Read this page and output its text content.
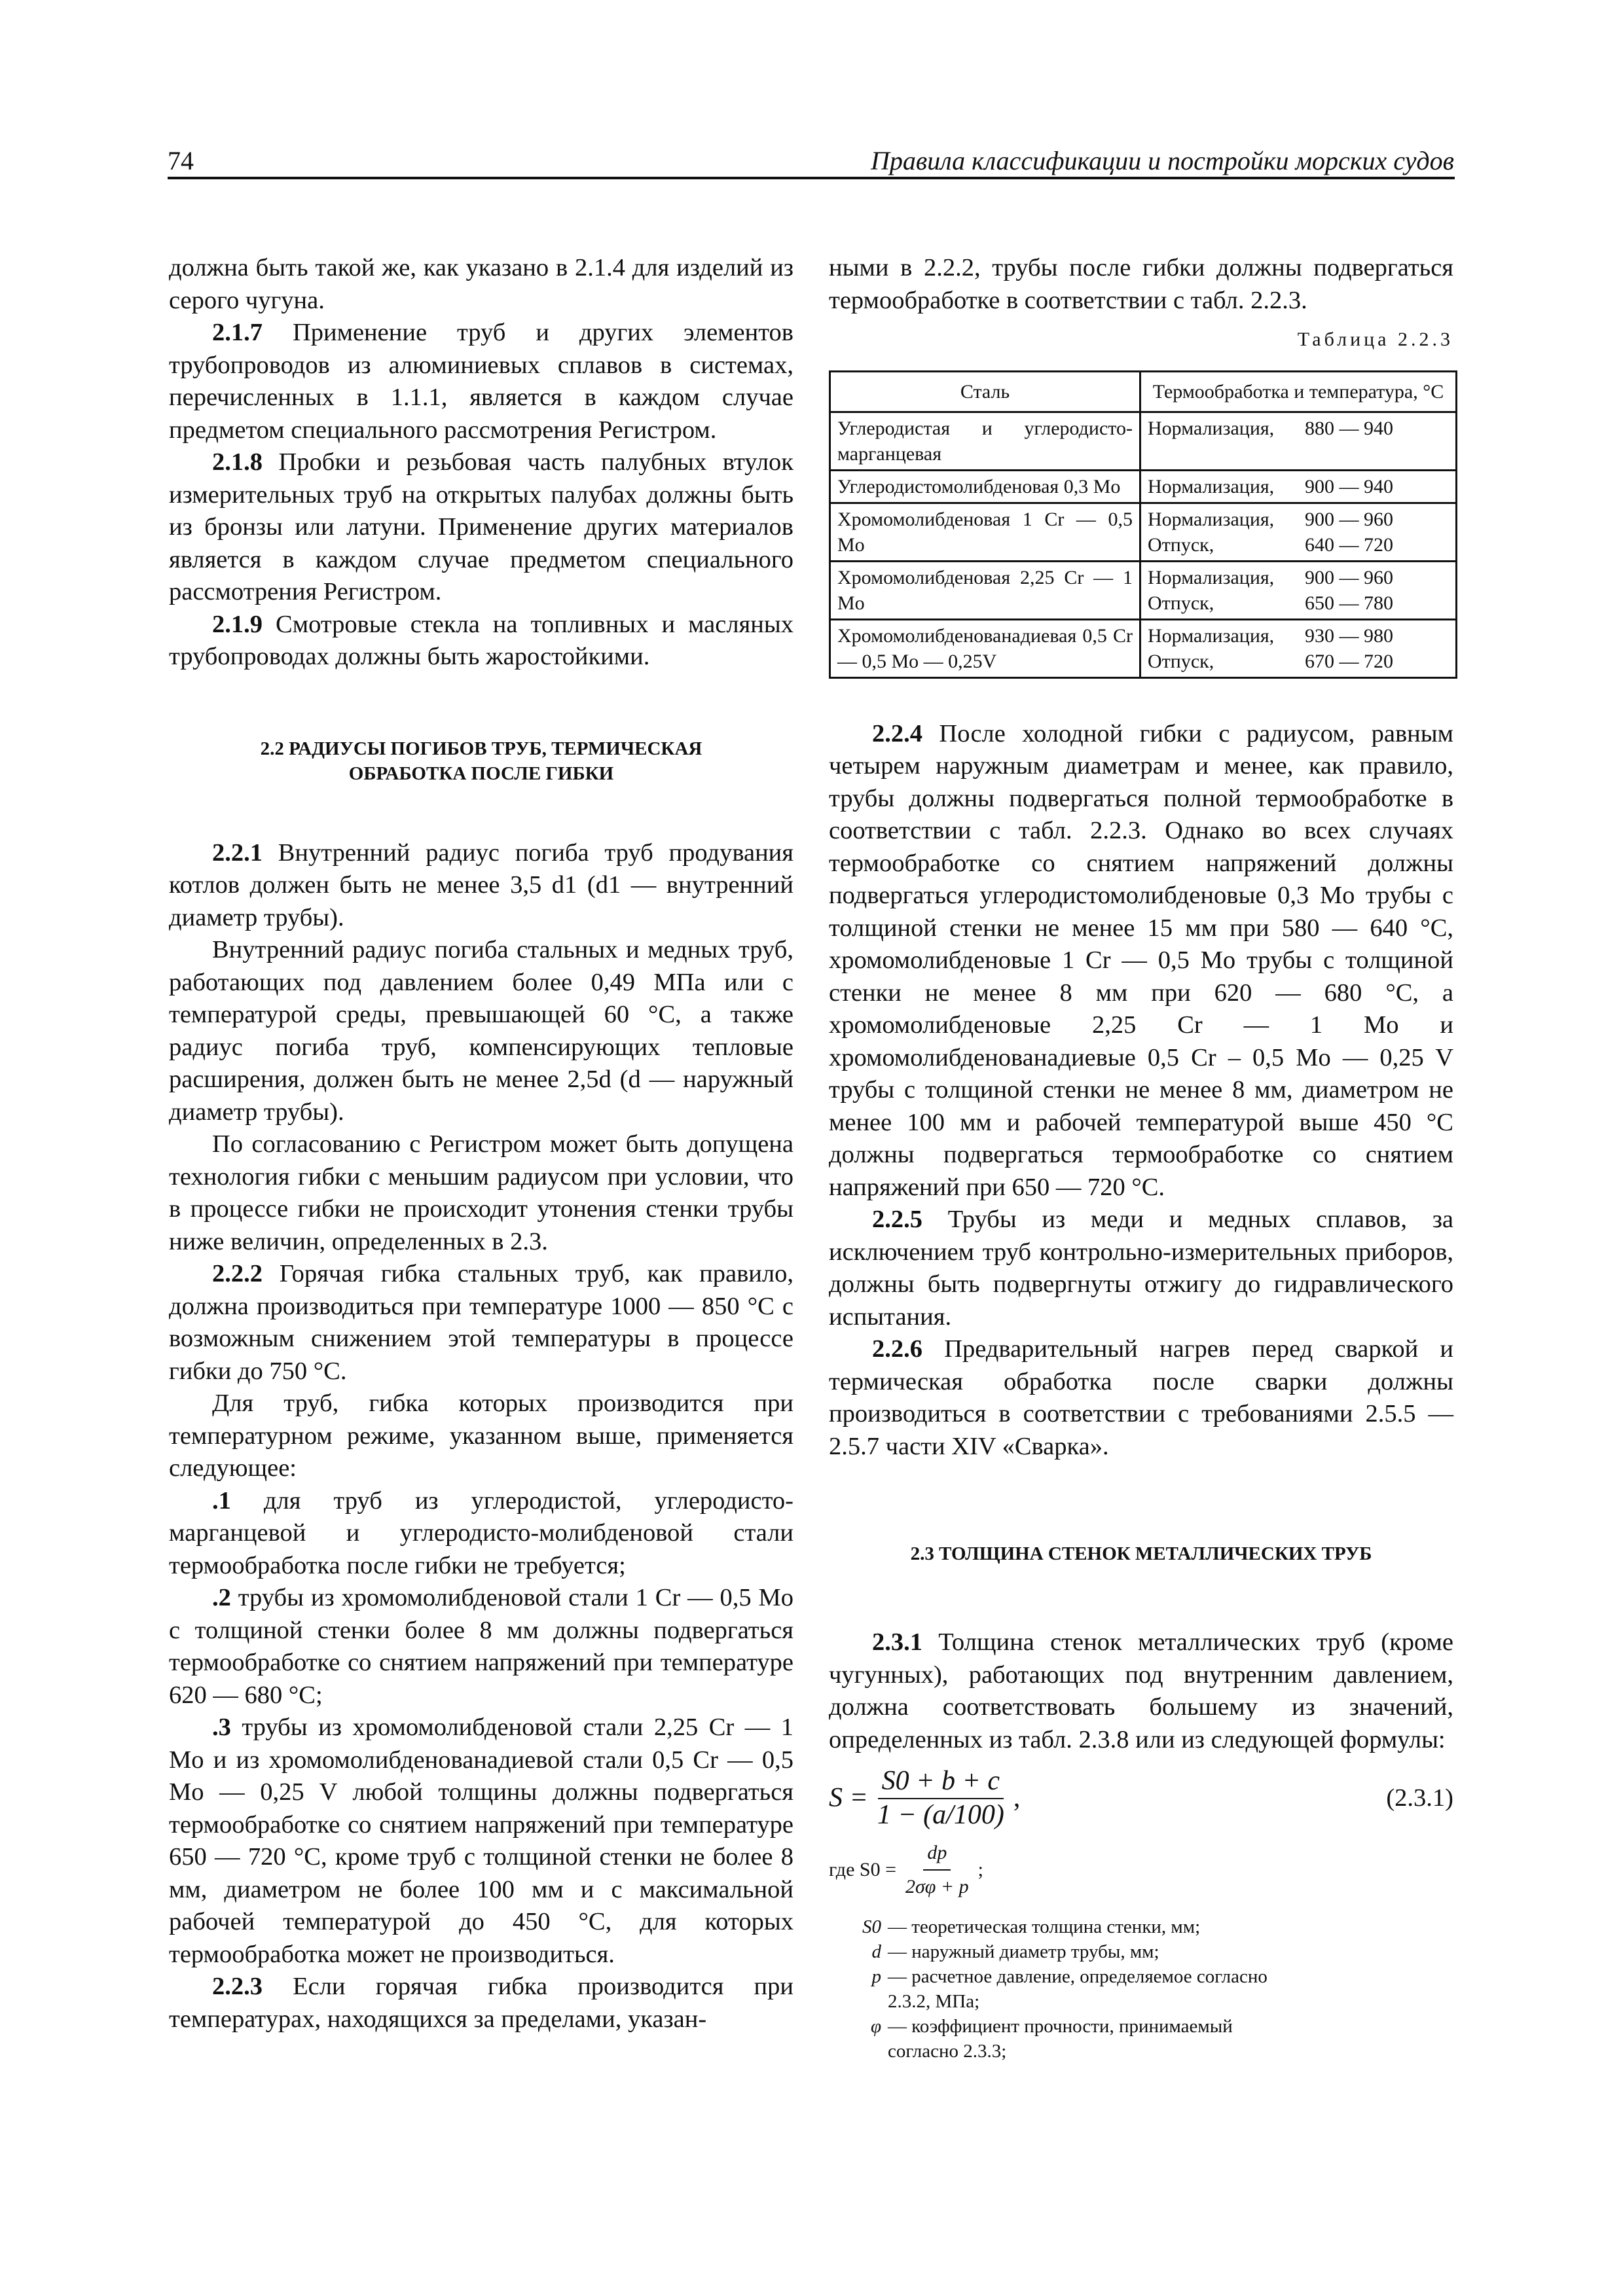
74	Правила классификации и постройки морских судов

должна быть такой же, как указано в 2.1.4 для изделий из серого чугуна.

2.1.7 Применение труб и других элементов трубопроводов из алюминиевых сплавов в системах, перечисленных в 1.1.1, является в каждом случае предметом специального рассмотрения Регистром.

2.1.8 Пробки и резьбовая часть палубных втулок измерительных труб на открытых палубах должны быть из бронзы или латуни. Применение других материалов является в каждом случае предметом специального рассмотрения Регистром.

2.1.9 Смотровые стекла на топливных и масляных трубопроводах должны быть жаростойкими.

2.2 РАДИУСЫ ПОГИБОВ ТРУБ, ТЕРМИЧЕСКАЯ
ОБРАБОТКА ПОСЛЕ ГИБКИ

2.2.1 Внутренний радиус погиба труб продувания котлов должен быть не менее 3,5 d1 (d1 — внутренний диаметр трубы).

Внутренний радиус погиба стальных и медных труб, работающих под давлением более 0,49 МПа или с температурой среды, превышающей 60 °С, а также радиус погиба труб, компенсирующих тепловые расширения, должен быть не менее 2,5d (d — наружный диаметр трубы).

По согласованию с Регистром может быть допущена технология гибки с меньшим радиусом при условии, что в процессе гибки не происходит утонения стенки трубы ниже величин, определенных в 2.3.

2.2.2 Горячая гибка стальных труб, как правило, должна производиться при температуре 1000 — 850 °С с возможным снижением этой температуры в процессе гибки до 750 °С.

Для труб, гибка которых производится при температурном режиме, указанном выше, применяется следующее:

.1 для труб из углеродистой, углеродисто-марганцевой и углеродисто-молибденовой стали термообработка после гибки не требуется;

.2 трубы из хромомолибденовой стали 1 Cr — 0,5 Mo с толщиной стенки более 8 мм должны подвергаться термообработке со снятием напряжений при температуре 620 — 680 °С;

.3 трубы из хромомолибденовой стали 2,25 Cr — 1 Mo и из хромомолибденованадиевой стали 0,5 Cr — 0,5 Mo — 0,25 V любой толщины должны подвергаться термообработке со снятием напряжений при температуре 650 — 720 °С, кроме труб с толщиной стенки не более 8 мм, диаметром не более 100 мм и с максимальной рабочей температурой до 450 °С, для которых термообработка может не производиться.

2.2.3 Если горячая гибка производится при температурах, находящихся за пределами, указан-

ными в 2.2.2, трубы после гибки должны подвергаться термообработке в соответствии с табл. 2.2.3.

Таблица 2.2.3
Сталь	Термообработка и температура, °С
Углеродистая и углеродисто-марганцевая	Нормализация, 880 — 940

Углеродистомолибденовая 0,3 Mo	Нормализация, 900 — 940

Хромомолибденовая 1 Cr — 0,5 Mo	Нормализация, 900 — 960
Отпуск, 640 — 720

Хромомолибденовая 2,25 Cr — 1 Mo	Нормализация, 900 — 960
Отпуск, 650 — 780

Хромомолибденованадиевая 0,5 Cr — 0,5 Mo — 0,25V	Нормализация, 930 — 980
Отпуск, 670 — 720

2.2.4 После холодной гибки с радиусом, равным четырем наружным диаметрам и менее, как правило, трубы должны подвергаться полной термообработке в соответствии с табл. 2.2.3. Однако во всех случаях термообработке со снятием напряжений должны подвергаться углеродистомолибденовые 0,3 Mo трубы с толщиной стенки не менее 15 мм при 580 — 640 °С, хромомолибденовые 1 Cr — 0,5 Mo трубы с толщиной стенки не менее 8 мм при 620 — 680 °С, а хромомолибденовые 2,25 Cr — 1 Mo и хромомолибденованадиевые 0,5 Cr – 0,5 Mo — 0,25 V трубы с толщиной стенки не менее 8 мм, диаметром не менее 100 мм и рабочей температурой выше 450 °С должны подвергаться термообработке со снятием напряжений при 650 — 720 °С.

2.2.5 Трубы из меди и медных сплавов, за исключением труб контрольно-измерительных приборов, должны быть подвергнуты отжигу до гидравлического испытания.

2.2.6 Предварительный нагрев перед сваркой и термическая обработка после сварки должны производиться в соответствии с требованиями 2.5.5 — 2.5.7 части XIV «Сварка».

2.3 ТОЛЩИНА СТЕНОК МЕТАЛЛИЧЕСКИХ ТРУБ

2.3.1 Толщина стенок металлических труб (кроме чугунных), работающих под внутренним давлением, должна соответствовать большему из значений, определенных из табл. 2.3.8 или из следующей формулы:

$S = \frac{S0 + b + c}{1 - (a/100)}$ ,	(2.3.1)
где $S0 = \frac{dp}{2\sigma\varphi + p}$ ;
S0 — теоретическая толщина стенки, мм;
d — наружный диаметр трубы, мм;
p — расчетное давление, определяемое согласно 2.3.2, МПа;
φ — коэффициент прочности, принимаемый согласно 2.3.3;
